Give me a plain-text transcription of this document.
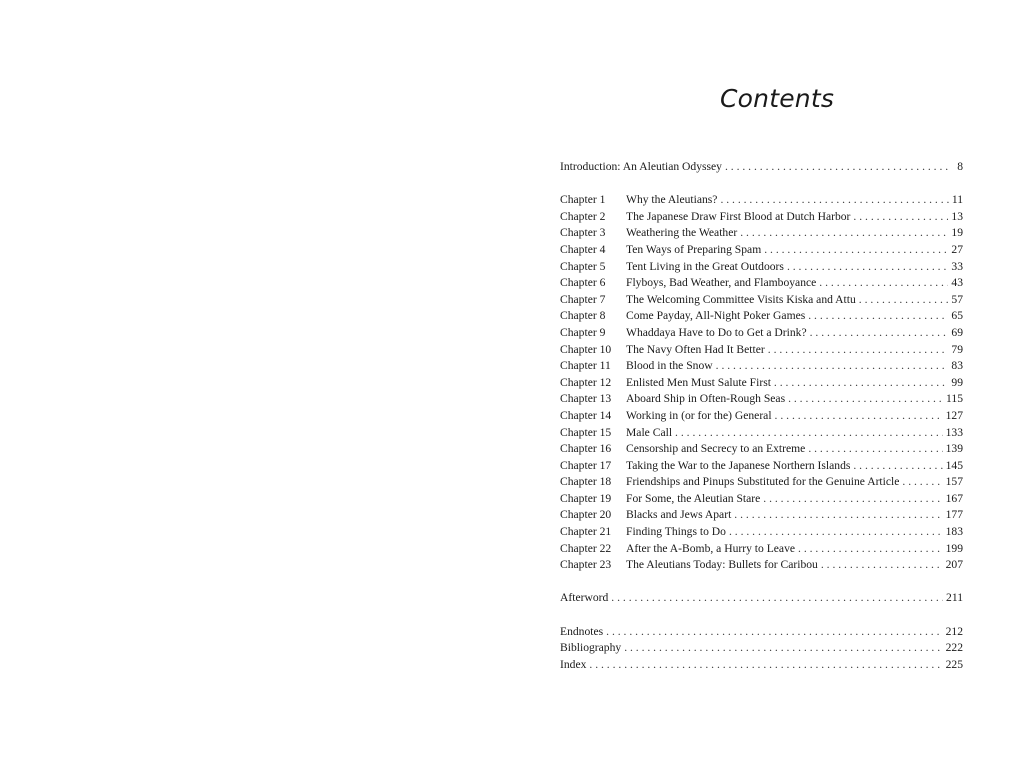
Contents
Introduction: An Aleutian Odyssey . . .	8
Chapter 1	Why the Aleutians? . . .	11
Chapter 2	The Japanese Draw First Blood at Dutch Harbor . . .	13
Chapter 3	Weathering the Weather . . .	19
Chapter 4	Ten Ways of Preparing Spam . . .	27
Chapter 5	Tent Living in the Great Outdoors . . .	33
Chapter 6	Flyboys, Bad Weather, and Flamboyance . . .	43
Chapter 7	The Welcoming Committee Visits Kiska and Attu . . .	57
Chapter 8	Come Payday, All-Night Poker Games . . .	65
Chapter 9	Whaddaya Have to Do to Get a Drink? . . .	69
Chapter 10	The Navy Often Had It Better . . .	79
Chapter 11	Blood in the Snow . . .	83
Chapter 12	Enlisted Men Must Salute First . . .	99
Chapter 13	Aboard Ship in Often-Rough Seas . . .	115
Chapter 14	Working in (or for the) General . . .	127
Chapter 15	Male Call . . .	133
Chapter 16	Censorship and Secrecy to an Extreme . . .	139
Chapter 17	Taking the War to the Japanese Northern Islands . . .	145
Chapter 18	Friendships and Pinups Substituted for the Genuine Article . . .	157
Chapter 19	For Some, the Aleutian Stare . . .	167
Chapter 20	Blacks and Jews Apart . . .	177
Chapter 21	Finding Things to Do . . .	183
Chapter 22	After the A-Bomb, a Hurry to Leave . . .	199
Chapter 23	The Aleutians Today: Bullets for Caribou . . .	207
Afterword . . .	211
Endnotes . . .	212
Bibliography . . .	222
Index . . .	225
